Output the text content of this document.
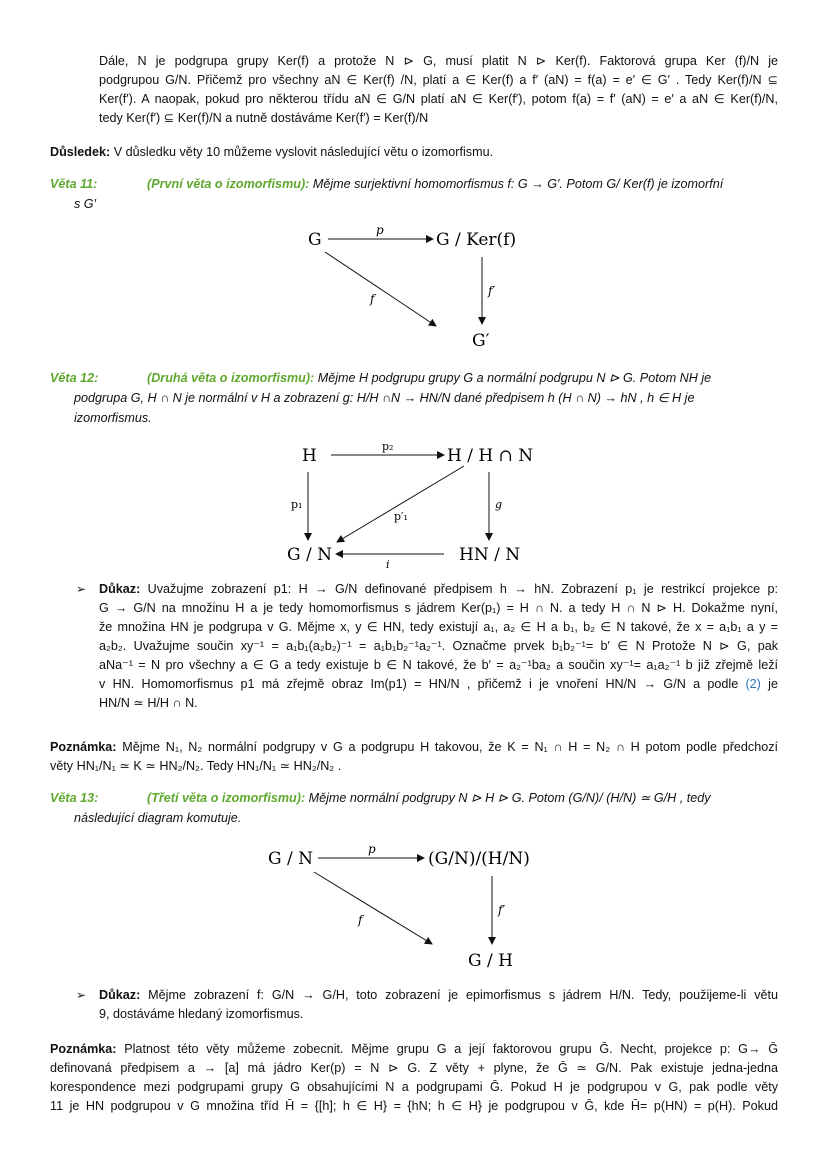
Dále, N je podgrupa grupy Ker(f) a protože N ⊳ G, musí platit N ⊳ Ker(f). Faktorová grupa Ker (f)/N je
podgrupou G/N. Přičemž pro všechny aN ∈ Ker(f) /N, platí a ∈ Ker(f) a f′ (aN) = f(a) = e′ ∈ G′ . Tedy Ker(f)/N ⊆
Ker(f′). A naopak, pokud pro některou třídu aN ∈ G/N platí aN ∈ Ker(f′), potom f(a) = f′ (aN) = e′ a aN ∈ Ker(f)/N,
tedy Ker(f′) ⊆ Ker(f)/N a nutně dostáváme Ker(f′) = Ker(f)/N
Důsledek: V důsledku věty 10 můžeme vyslovit následující větu o izomorfismu.
Věta 11:	(První věta o izomorfismu): Mějme surjektivní homomorfismus f: G → G′. Potom G/ Ker(f) je izomorfní
s G′
G	G / Ker(f)
G′
p
f
f′
Věta 12:	(Druhá věta o izomorfismu): Mějme H podgrupu grupy G a normální podgrupu N ⊳ G. Potom NH je
podgrupa G, H ∩ N je normální v H a zobrazení g: H/H ∩N → HN/N dané předpisem h (H ∩ N) → hN , h ∈ H je
izomorfismus.
H	H / H ∩ N
G / N	HN / N
p₂
p₁	g
p′₁
i
➢ Důkaz: Uvažujme zobrazení p1: H → G/N definované předpisem h → hN. Zobrazení p₁ je restrikcí projekce p:
G → G/N na množinu H a je tedy homomorfismus s jádrem Ker(p₁) = H ∩ N. a tedy H ∩ N ⊳ H. Dokažme nyní,
že množina HN je podgrupa v G. Mějme x, y ∈ HN, tedy existují a₁, a₂ ∈ H a b₁, b₂ ∈ N takové, že x = a₁b₁ a y =
a₂b₂. Uvažujme součin xy⁻¹ = a₁b₁(a₂b₂)⁻¹ = a₁b₁b₂⁻¹a₂⁻¹. Označme prvek b₁b₂⁻¹= b′ ∈ N Protože N ⊳ G, pak
aNa⁻¹ = N pro všechny a ∈ G a tedy existuje b ∈ N takové, že b′ = a₂⁻¹ba₂ a součin xy⁻¹= a₁a₂⁻¹ b již zřejmě leží
v HN. Homomorfismus p1 má zřejmě obraz Im(p1) = HN/N , přičemž i je vnoření HN/N → G/N a podle (2) je
HN/N ≃ H/H ∩ N.
Poznámka: Mějme N₁, N₂ normální podgrupy v G a podgrupu H takovou, že K = N₁ ∩ H = N₂ ∩ H potom podle předchozí
věty HN₁/N₁ ≃ K ≃ HN₂/N₂. Tedy HN₁/N₁ ≃ HN₂/N₂ .
Věta 13:	(Třetí věta o izomorfismu): Mějme normální podgrupy N ⊳ H ⊳ G. Potom (G/N)/ (H/N) ≃ G/H , tedy
následující diagram komutuje.
G / N	(G/N)/(H/N)
G / H
p
f
f′
➢ Důkaz: Mějme zobrazení f: G/N → G/H, toto zobrazení je epimorfismus s jádrem H/N. Tedy, použijeme-li větu
9, dostáváme hledaný izomorfismus.
Poznámka: Platnost této věty můžeme zobecnit. Mějme grupu G a její faktorovou grupu Ḡ. Necht, projekce p: G→ Ḡ
definovaná předpisem a → [a] má jádro Ker(p) = N ⊳ G. Z věty + plyne, že Ḡ ≃ G/N. Pak existuje jedna-jedna
korespondence mezi podgrupami grupy G obsahujícími N a podgrupami Ḡ. Pokud H je podgrupou v G, pak podle věty
11 je HN podgrupou v G množina tříd H̄ = {[h]; h ∈ H} = {hN; h ∈ H} je podgrupou v Ḡ, kde H̄= p(HN) = p(H). Pokud
